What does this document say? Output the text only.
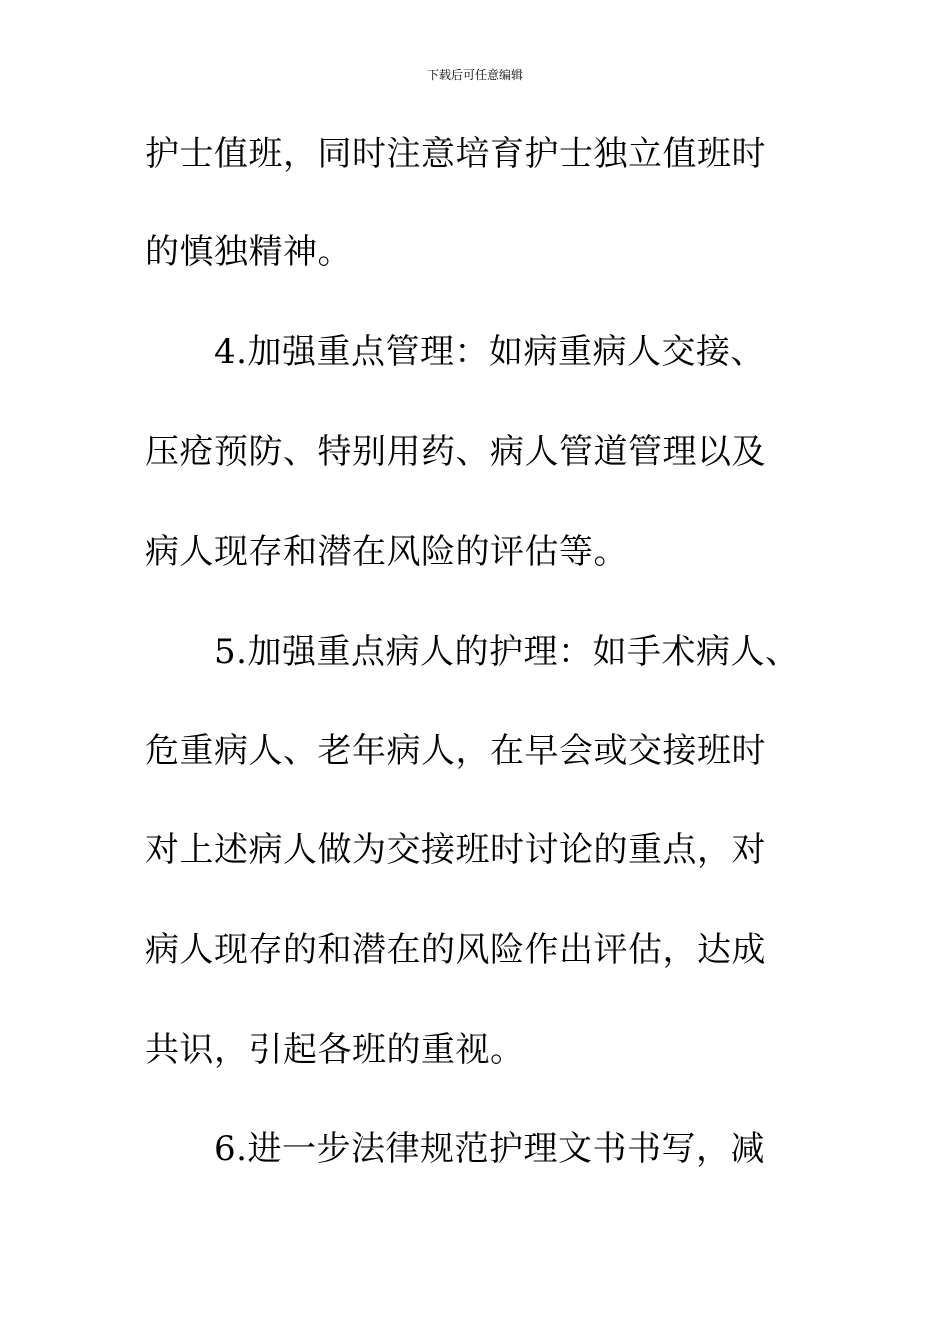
下载后可任意编辑
护士值班，同时注意培育护士独立值班时
的慎独精神。
4.加强重点管理：如病重病人交接、
压疮预防、特别用药、病人管道管理以及
病人现存和潜在风险的评估等。
5.加强重点病人的护理：如手术病人、
危重病人、老年病人，在早会或交接班时
对上述病人做为交接班时讨论的重点，对
病人现存的和潜在的风险作出评估，达成
共识，引起各班的重视。
6.进一步法律规范护理文书书写，减
